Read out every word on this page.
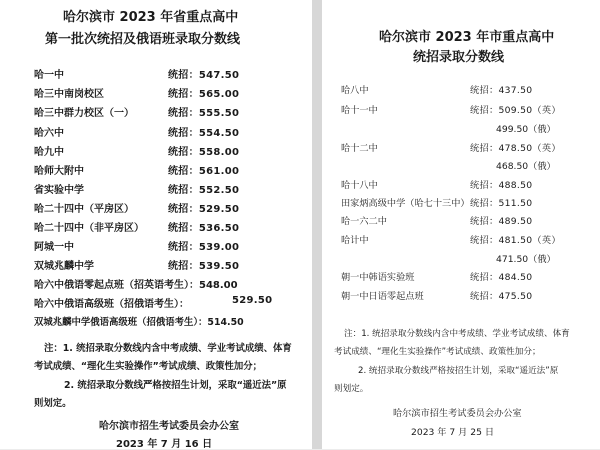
哈尔滨市 2023 年省重点高中
第一批次统招及俄语班录取分数线
哈一中	统招：547.50
哈三中南岗校区	统招：565.00
哈三中群力校区（一）	统招：555.50
哈六中	统招：554.50
哈九中	统招：558.00
哈师大附中	统招：561.00
省实验中学	统招：552.50
哈二十四中（平房区）	统招：529.50
哈二十四中（非平房区） 统招：536.50
阿城一中	统招：539.00
双城兆麟中学	统招：539.50
哈六中俄语零起点班（招英语考生）：548.00
哈六中俄语高级班（招俄语考生）：	529.50
双城兆麟中学俄语高级班（招俄语考生）：514.50
注：1. 统招录取分数线内含中考成绩、学业考试成绩、体育
考试成绩、“理化生实验操作”考试成绩、政策性加分；
2. 统招录取分数线严格按招生计划，采取“遥近法”原
则划定。
哈尔滨市招生考试委员会办公室
2023 年 7 月 16 日
哈尔滨市 2023 年市重点高中
统招录取分数线
哈八中	统招：437.50
哈十一中	统招：509.50（英）
499.50（俄）
哈十二中	统招：478.50（英）
468.50（俄）
哈十八中	统招：488.50
田家炳高级中学（哈七十三中） 统招：511.50
哈一六二中	统招：489.50
哈计中	统招：481.50（英）
471.50（俄）
朝一中韩语实验班	统招：484.50
朝一中日语零起点班	统招：475.50
注：1. 统招录取分数线内含中考成绩、学业考试成绩、体育
考试成绩、“理化生实验操作”考试成绩、政策性加分；
2. 统招录取分数线严格按招生计划，采取“遥近法”原
则划定。
哈尔滨市招生考试委员会办公室
2023 年 7 月 25 日
